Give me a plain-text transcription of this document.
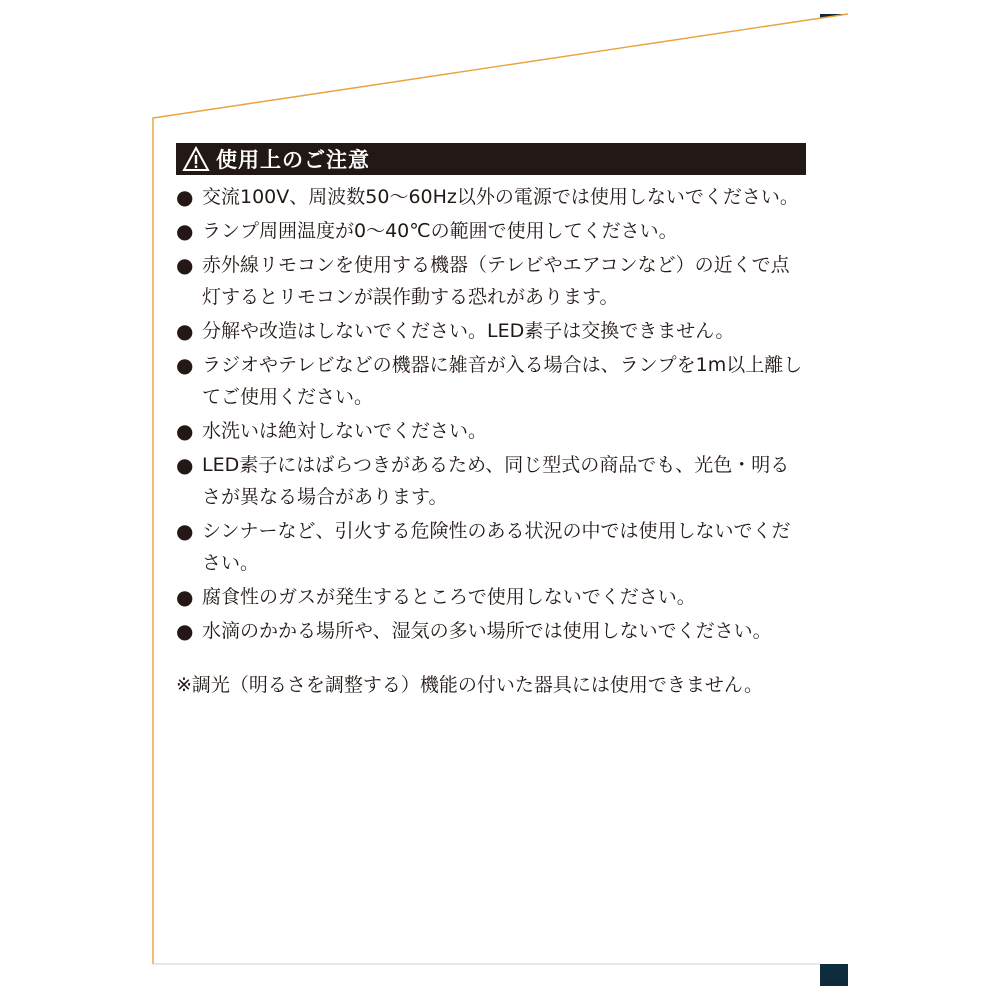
使用上のご注意
● 交流100V、周波数50〜60Hz以外の電源では使用しないでください。
● ランプ周囲温度が0〜40℃の範囲で使用してください。
● 赤外線リモコンを使用する機器（テレビやエアコンなど）の近くで点灯するとリモコンが誤作動する恐れがあります。
● 分解や改造はしないでください。LED素子は交換できません。
● ラジオやテレビなどの機器に雑音が入る場合は、ランプを1m以上離してご使用ください。
● 水洗いは絶対しないでください。
● LED素子にはばらつきがあるため、同じ型式の商品でも、光色・明るさが異なる場合があります。
● シンナーなど、引火する危険性のある状況の中では使用しないでください。
● 腐食性のガスが発生するところで使用しないでください。
● 水滴のかかる場所や、湿気の多い場所では使用しないでください。
※調光（明るさを調整する）機能の付いた器具には使用できません。
